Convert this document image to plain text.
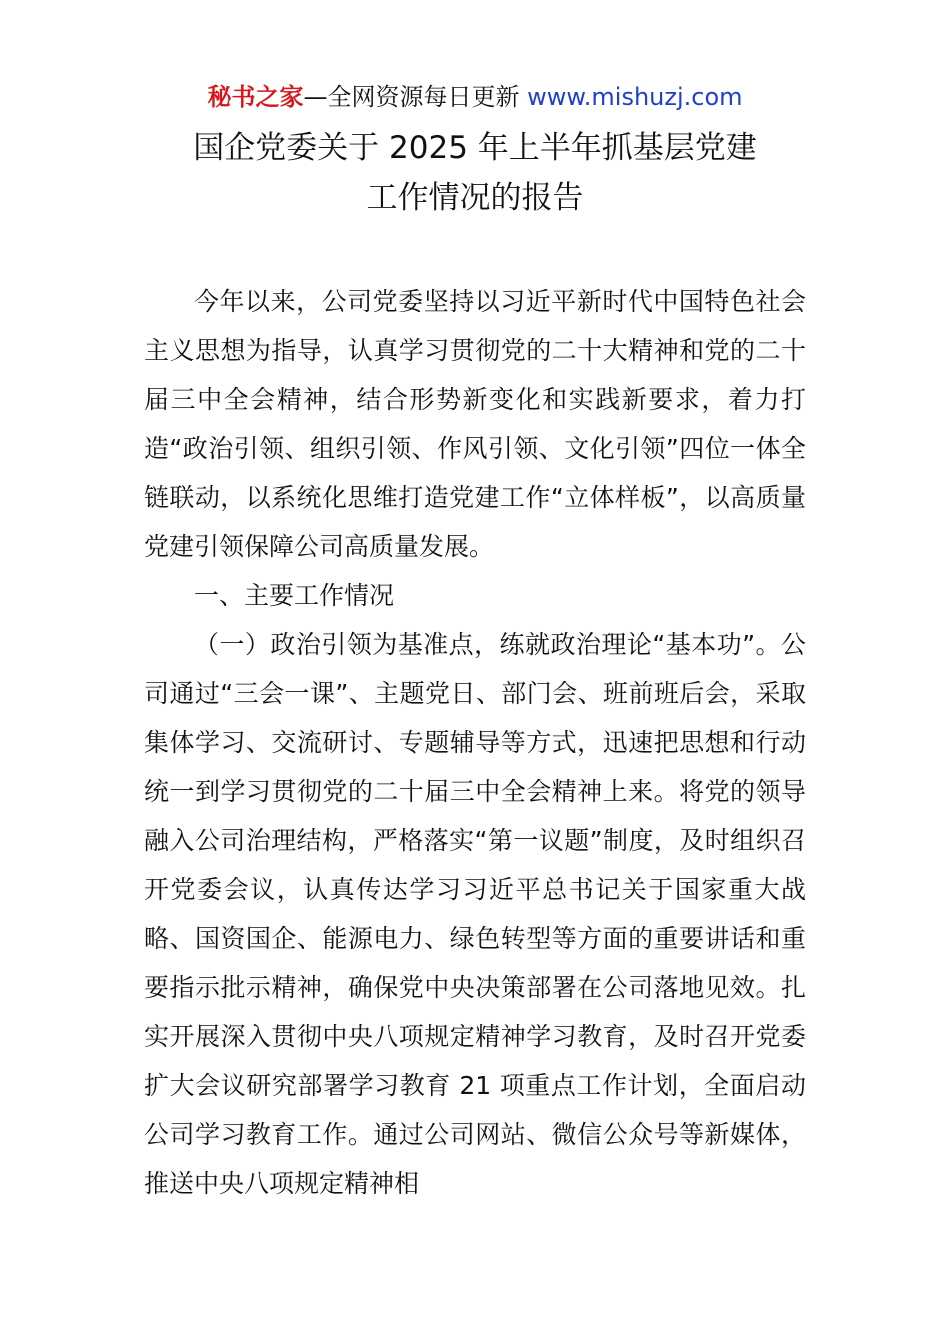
秘书之家—全网资源每日更新 www.mishuzj.com
国企党委关于 2025 年上半年抓基层党建
工作情况的报告

今年以来，公司党委坚持以习近平新时代中国特色社会主义思想为指导，认真学习贯彻党的二十大精神和党的二十届三中全会精神，结合形势新变化和实践新要求，着力打造“政治引领、组织引领、作风引领、文化引领”四位一体全链联动，以系统化思维打造党建工作“立体样板”，以高质量党建引领保障公司高质量发展。

一、主要工作情况

（一）政治引领为基准点，练就政治理论“基本功”。公司通过“三会一课”、主题党日、部门会、班前班后会，采取集体学习、交流研讨、专题辅导等方式，迅速把思想和行动统一到学习贯彻党的二十届三中全会精神上来。将党的领导融入公司治理结构，严格落实“第一议题”制度，及时组织召开党委会议，认真传达学习习近平总书记关于国家重大战略、国资国企、能源电力、绿色转型等方面的重要讲话和重要指示批示精神，确保党中央决策部署在公司落地见效。扎实开展深入贯彻中央八项规定精神学习教育，及时召开党委扩大会议研究部署学习教育 21 项重点工作计划，全面启动公司学习教育工作。通过公司网站、微信公众号等新媒体，推送中央八项规定精神相
